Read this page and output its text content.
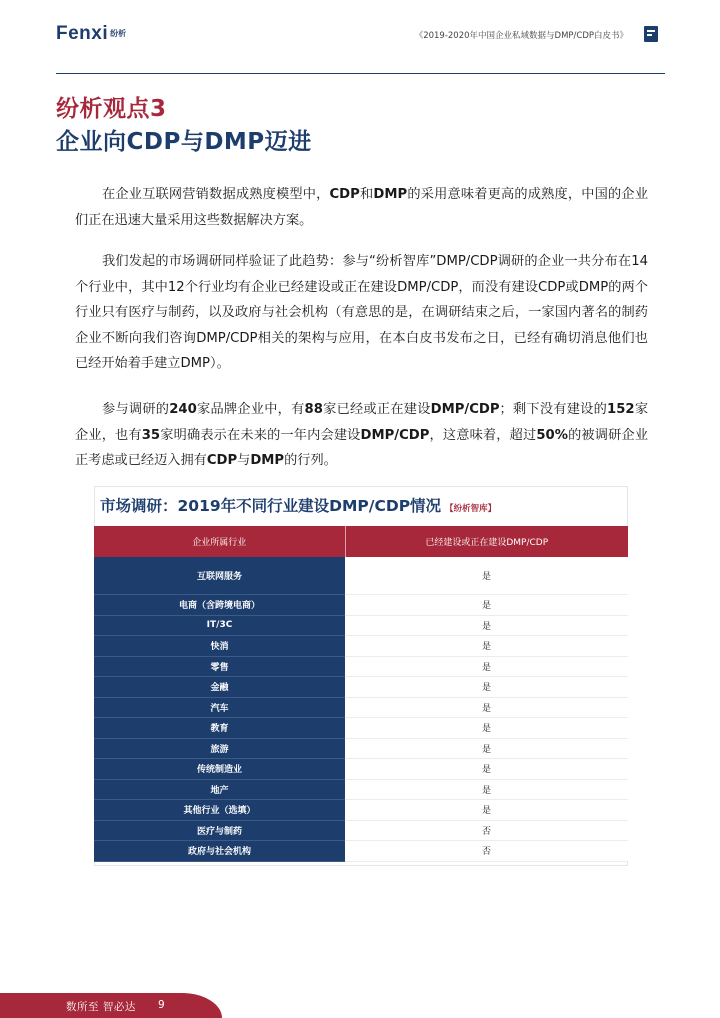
Fenxi 纷析	《2019-2020年中国企业私域数据与DMP/CDP白皮书》
纷析观点3
企业向CDP与DMP迈进

在企业互联网营销数据成熟度模型中，CDP和DMP的采用意味着更高的成熟度，中国的企业们正在迅速大量采用这些数据解决方案。

我们发起的市场调研同样验证了此趋势：参与“纷析智库”DMP/CDP调研的企业一共分布在14个行业中，其中12个行业均有企业已经建设或正在建设DMP/CDP，而没有建设CDP或DMP的两个行业只有医疗与制药，以及政府与社会机构（有意思的是，在调研结束之后，一家国内著名的制药企业不断向我们咨询DMP/CDP相关的架构与应用，在本白皮书发布之日，已经有确切消息他们也已经开始着手建立DMP）。

参与调研的240家品牌企业中，有88家已经或正在建设DMP/CDP；剩下没有建设的152家企业，也有35家明确表示在未来的一年内会建设DMP/CDP，这意味着，超过50%的被调研企业正考虑或已经迈入拥有CDP与DMP的行列。

市场调研：2019年不同行业建设DMP/CDP情况 【纷析智库】
企业所属行业	已经建设或正在建设DMP/CDP
互联网服务	是
电商（含跨境电商）	是
IT/3C	是
快消	是
零售	是
金融	是
汽车	是
教育	是
旅游	是
传统制造业	是
地产	是
其他行业（选填）	是
医疗与制药	否
政府与社会机构	否
数所至 智必达 9
